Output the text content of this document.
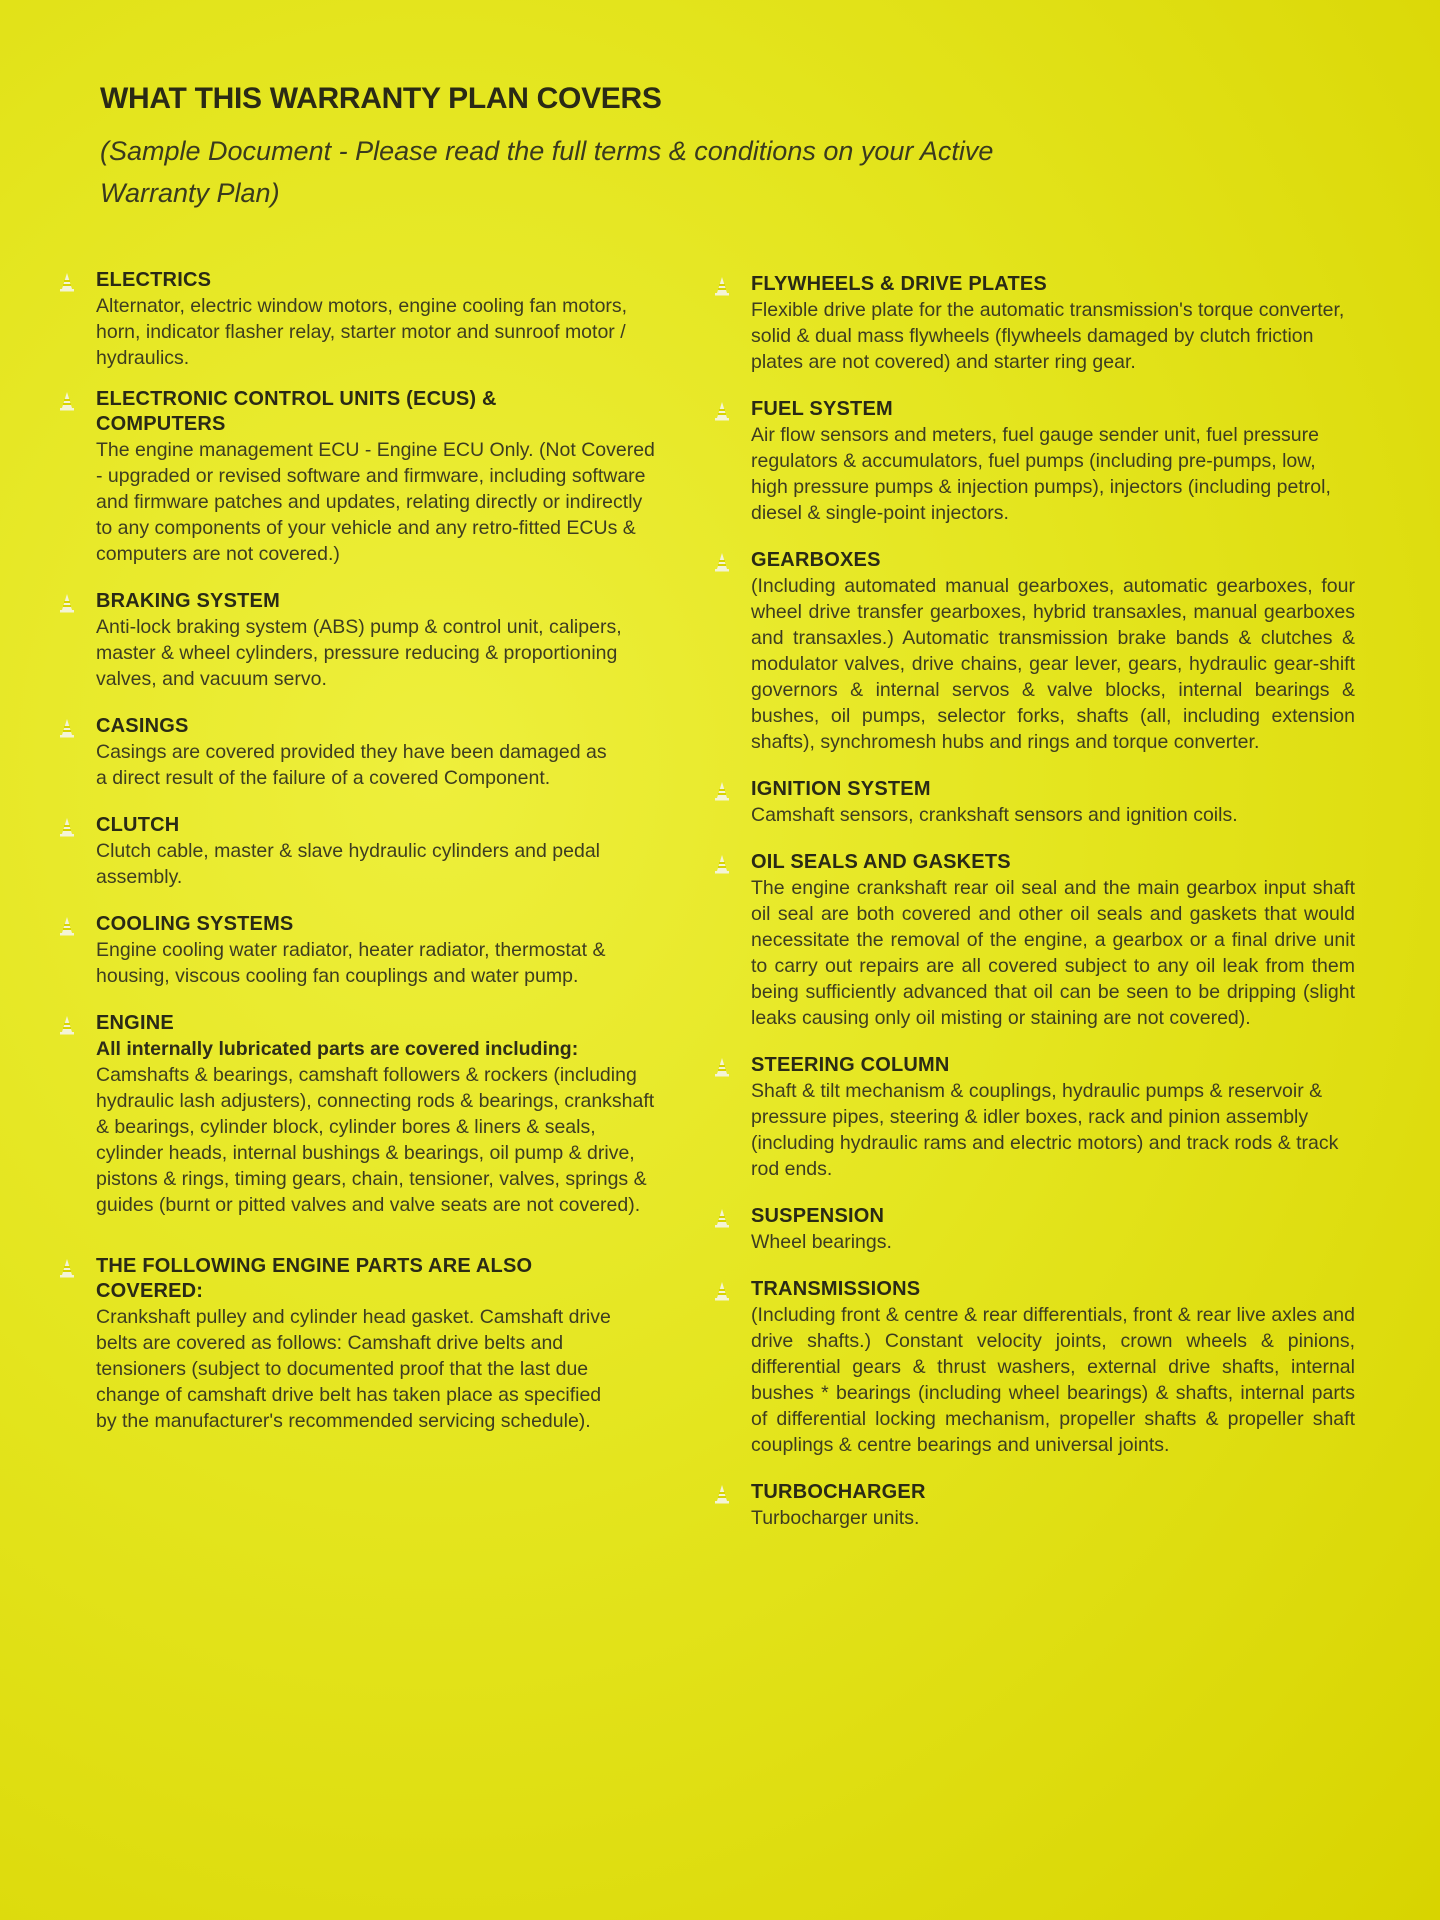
WHAT THIS WARRANTY PLAN COVERS
(Sample Document - Please read the full terms & conditions on your Active Warranty Plan)
ELECTRICS
Alternator, electric window motors, engine cooling fan motors, horn, indicator flasher relay, starter motor and sunroof motor / hydraulics.
ELECTRONIC CONTROL UNITS (ECUS) & COMPUTERS
The engine management ECU - Engine ECU Only. (Not Covered - upgraded or revised software and firmware, including software and firmware patches and updates, relating directly or indirectly to any components of your vehicle and any retro-fitted ECUs & computers are not covered.)
BRAKING SYSTEM
Anti-lock braking system (ABS) pump & control unit, calipers, master & wheel cylinders, pressure reducing & proportioning valves, and vacuum servo.
CASINGS
Casings are covered provided they have been damaged as a direct result of the failure of a covered Component.
CLUTCH
Clutch cable, master & slave hydraulic cylinders and pedal assembly.
COOLING SYSTEMS
Engine cooling water radiator, heater radiator, thermostat & housing, viscous cooling fan couplings and water pump.
ENGINE
All internally lubricated parts are covered including: Camshafts & bearings, camshaft followers & rockers (including hydraulic lash adjusters), connecting rods & bearings, crankshaft & bearings, cylinder block, cylinder bores & liners & seals, cylinder heads, internal bushings & bearings, oil pump & drive, pistons & rings, timing gears, chain, tensioner, valves, springs & guides (burnt or pitted valves and valve seats are not covered).
THE FOLLOWING ENGINE PARTS ARE ALSO COVERED:
Crankshaft pulley and cylinder head gasket. Camshaft drive belts are covered as follows: Camshaft drive belts and tensioners (subject to documented proof that the last due change of camshaft drive belt has taken place as specified by the manufacturer's recommended servicing schedule).
FLYWHEELS & DRIVE PLATES
Flexible drive plate for the automatic transmission's torque converter, solid & dual mass flywheels (flywheels damaged by clutch friction plates are not covered) and starter ring gear.
FUEL SYSTEM
Air flow sensors and meters, fuel gauge sender unit, fuel pressure regulators & accumulators, fuel pumps (including pre-pumps, low, high pressure pumps & injection pumps), injectors (including petrol, diesel & single-point injectors.
GEARBOXES
(Including automated manual gearboxes, automatic gearboxes, four wheel drive transfer gearboxes, hybrid transaxles, manual gearboxes and transaxles.) Automatic transmission brake bands & clutches & modulator valves, drive chains, gear lever, gears, hydraulic gear-shift governors & internal servos & valve blocks, internal bearings & bushes, oil pumps, selector forks, shafts (all, including extension shafts), synchromesh hubs and rings and torque converter.
IGNITION SYSTEM
Camshaft sensors, crankshaft sensors and ignition coils.
OIL SEALS AND GASKETS
The engine crankshaft rear oil seal and the main gearbox input shaft oil seal are both covered and other oil seals and gaskets that would necessitate the removal of the engine, a gearbox or a final drive unit to carry out repairs are all covered subject to any oil leak from them being sufficiently advanced that oil can be seen to be dripping (slight leaks causing only oil misting or staining are not covered).
STEERING COLUMN
Shaft & tilt mechanism & couplings, hydraulic pumps & reservoir & pressure pipes, steering & idler boxes, rack and pinion assembly (including hydraulic rams and electric motors) and track rods & track rod ends.
SUSPENSION
Wheel bearings.
TRANSMISSIONS
(Including front & centre & rear differentials, front & rear live axles and drive shafts.) Constant velocity joints, crown wheels & pinions, differential gears & thrust washers, external drive shafts, internal bushes * bearings (including wheel bearings) & shafts, internal parts of differential locking mechanism, propeller shafts & propeller shaft couplings & centre bearings and universal joints.
TURBOCHARGER
Turbocharger units.
